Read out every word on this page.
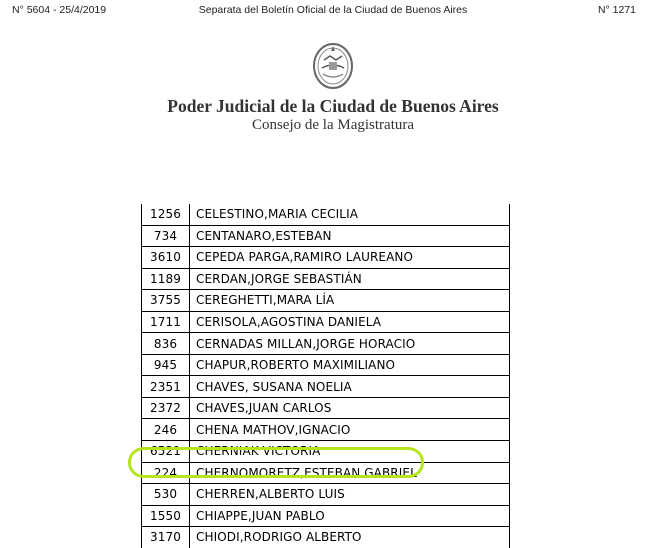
N° 5604 - 25/4/2019	Separata del Boletín Oficial de la Ciudad de Buenos Aires	N° 1271
Poder Judicial de la Ciudad de Buenos Aires
Consejo de la Magistratura
1256	CELESTINO,MARIA CECILIA
734	CENTANARO,ESTEBAN
3610	CEPEDA PARGA,RAMIRO LAUREANO
1189	CERDAN,JORGE SEBASTIÁN
3755	CEREGHETTI,MARA LÍA
1711	CERISOLA,AGOSTINA DANIELA
836	CERNADAS MILLAN,JORGE HORACIO
945	CHAPUR,ROBERTO MAXIMILIANO
2351	CHAVES, SUSANA NOELIA
2372	CHAVES,JUAN CARLOS
246	CHENA MATHOV,IGNACIO
6521	CHERNIAK VICTORIA
224	CHERNOMORETZ,ESTEBAN GABRIEL
530	CHERREN,ALBERTO LUIS
1550	CHIAPPE,JUAN PABLO
3170	CHIODI,RODRIGO ALBERTO
